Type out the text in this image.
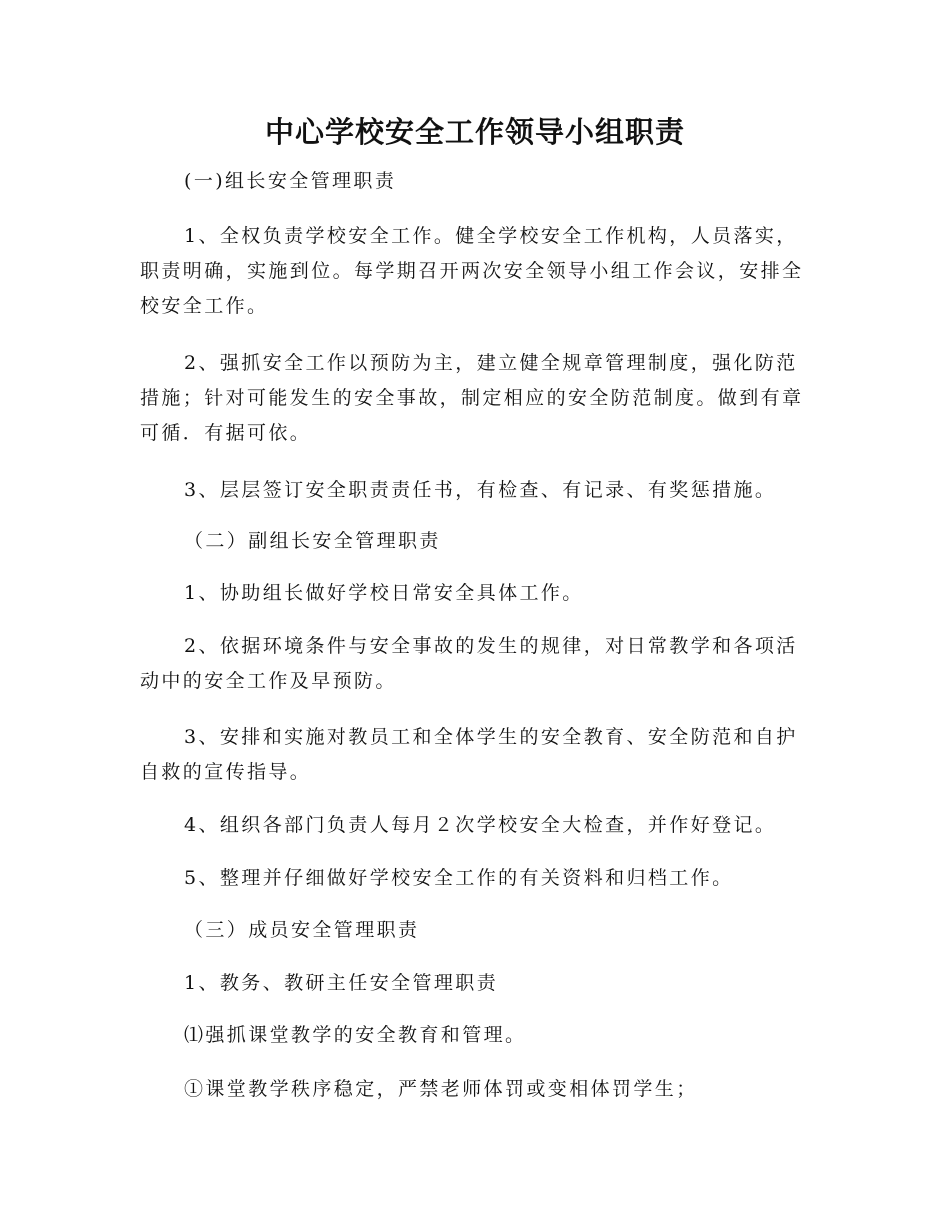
中心学校安全工作领导小组职责

(一)组长安全管理职责

1、全权负责学校安全工作。健全学校安全工作机构，人员落实，职责明确，实施到位。每学期召开两次安全领导小组工作会议，安排全校安全工作。

2、强抓安全工作以预防为主，建立健全规章管理制度，强化防范措施；针对可能发生的安全事故，制定相应的安全防范制度。做到有章可循．有据可依。

3、层层签订安全职责责任书，有检查、有记录、有奖惩措施。

（二）副组长安全管理职责

1、协助组长做好学校日常安全具体工作。

2、依据环境条件与安全事故的发生的规律，对日常教学和各项活动中的安全工作及早预防。

3、安排和实施对教员工和全体学生的安全教育、安全防范和自护自救的宣传指导。

4、组织各部门负责人每月２次学校安全大检查，并作好登记。

5、整理并仔细做好学校安全工作的有关资料和归档工作。

（三）成员安全管理职责

1、教务、教研主任安全管理职责

⑴强抓课堂教学的安全教育和管理。

①课堂教学秩序稳定，严禁老师体罚或变相体罚学生；
